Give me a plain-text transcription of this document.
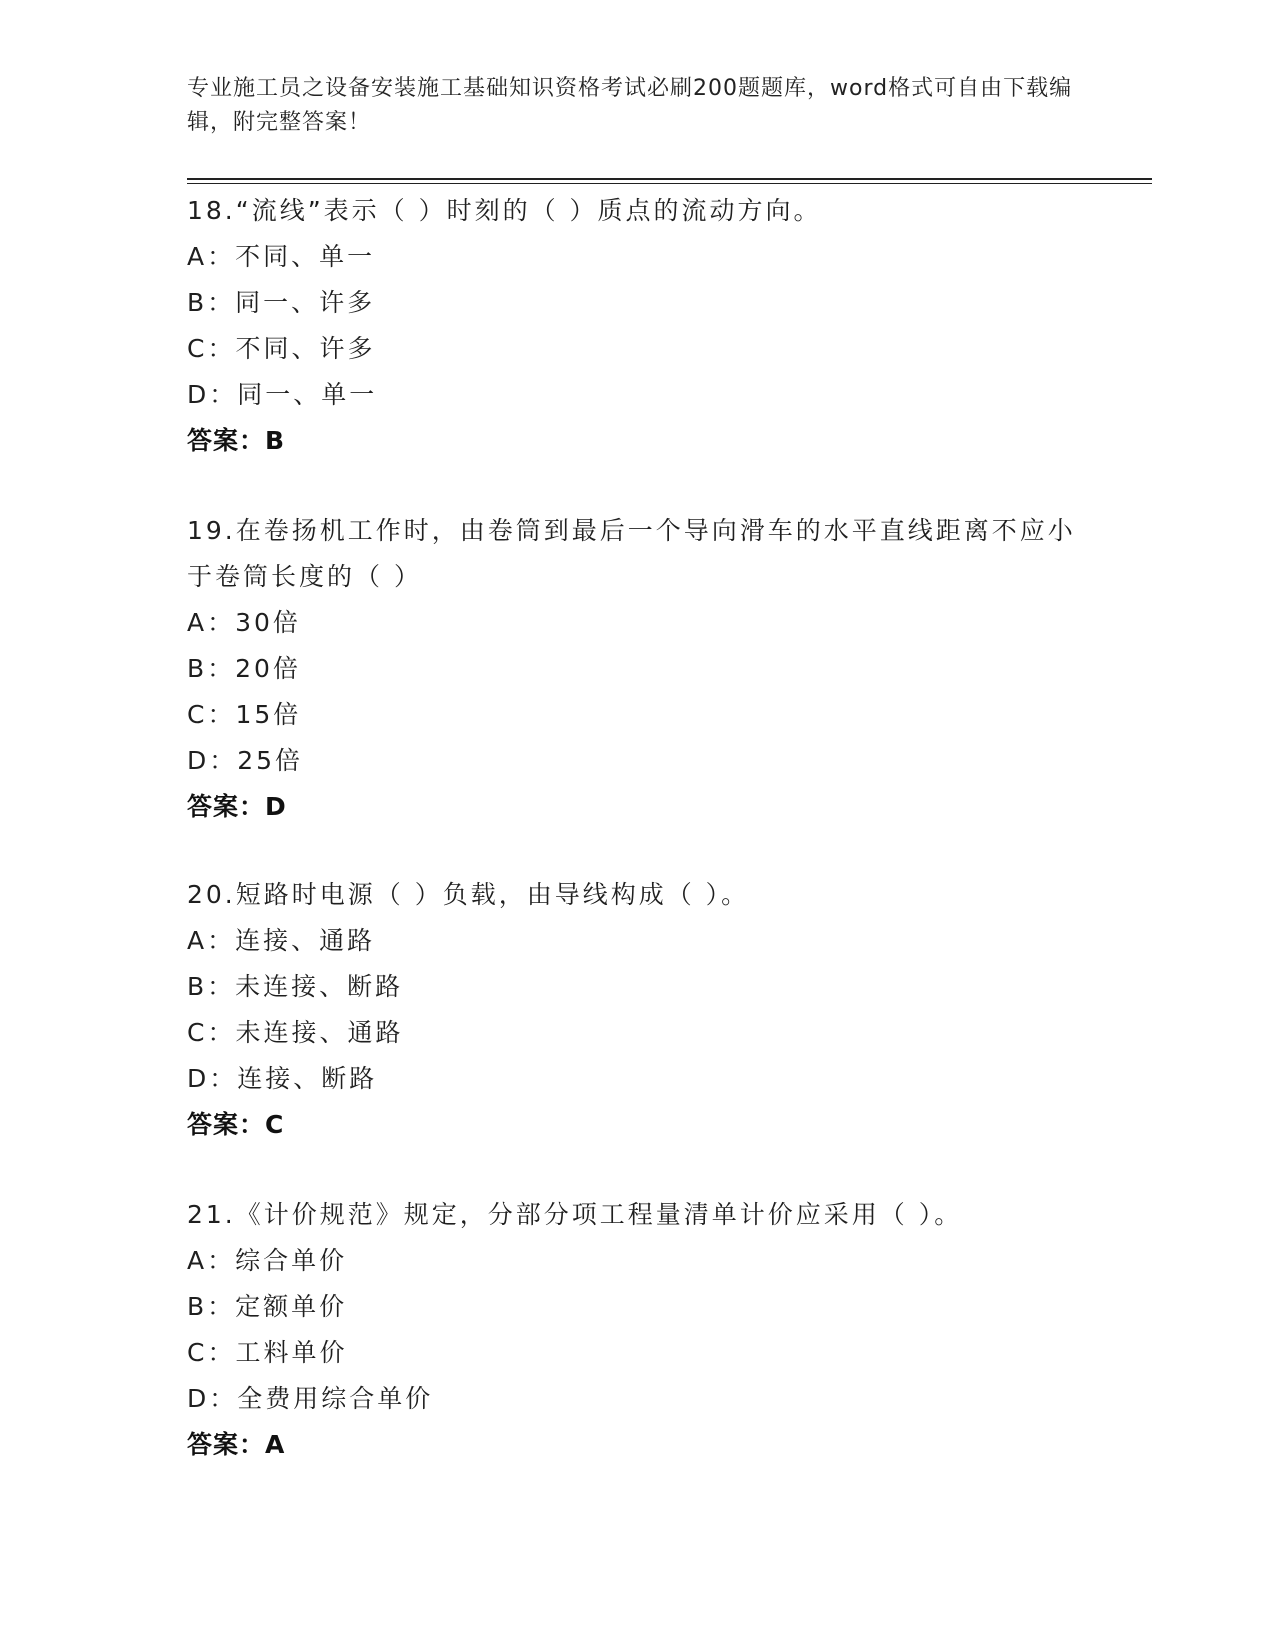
专业施工员之设备安装施工基础知识资格考试必刷200题题库，word格式可自由下载编辑，附完整答案！
18.“流线”表示（ ）时刻的（ ）质点的流动方向。
A：不同、单一
B：同一、许多
C：不同、许多
D：同一、单一
答案：B
19.在卷扬机工作时，由卷筒到最后一个导向滑车的水平直线距离不应小于卷筒长度的（ ）
A：30倍
B：20倍
C：15倍
D：25倍
答案：D
20.短路时电源（ ）负载，由导线构成（ ）。
A：连接、通路
B：未连接、断路
C：未连接、通路
D：连接、断路
答案：C
21.《计价规范》规定，分部分项工程量清单计价应采用（ ）。
A：综合单价
B：定额单价
C：工料单价
D：全费用综合单价
答案：A
